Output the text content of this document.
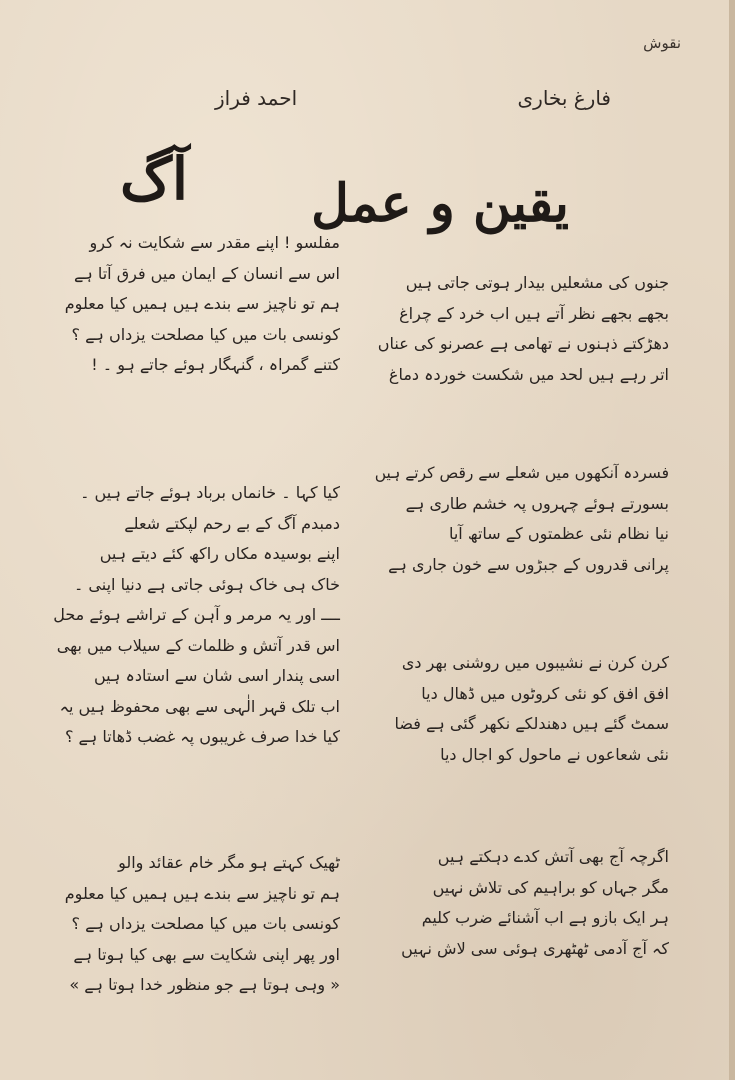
نقوش
فارغ بخاری
یقین و عمل
جنوں کی مشعلیں بیدار ہوتی جاتی ہیں
بجھے بجھے نظر آتے ہیں اب خرد کے چراغ
دھڑکتے ذہنوں نے تھامی ہے عصرنو کی عناں
اتر رہے ہیں لحد میں شکست خوردہ دماغ
فسردہ آنکھوں میں شعلے سے رقص کرتے ہیں
بسورتے ہوئے چہروں پہ خشم طاری ہے
نیا نظام نئی عظمتوں کے ساتھ آیا
پرانی قدروں کے جبڑوں سے خون جاری ہے
کرن کرن نے نشیبوں میں روشنی بھر دی
افق افق کو نئی کروٹوں میں ڈھال دیا
سمٹ گئے ہیں دھندلکے نکھر گئی ہے فضا
نئی شعاعوں نے ماحول کو اجال دیا
اگرچہ آج بھی آتش کدے دہکتے ہیں
مگر جہاں کو براہیم کی تلاش نہیں
ہر ایک بازو ہے اب آشنائے ضرب کلیم
کہ آج آدمی ٹھٹھری ہوئی سی لاش نہیں
احمد فراز
آگ
مفلسو ! اپنے مقدر سے شکایت نہ کرو
اس سے انسان کے ایمان میں فرق آتا ہے
ہم تو ناچیز سے بندے ہیں ہمیں کیا معلوم
کونسی بات میں کیا مصلحت یزداں ہے ؟
کتنے گمراہ ، گنہگار ہوئے جاتے ہو ۔ !
کیا کہا ۔ خانماں برباد ہوئے جاتے ہیں ۔
دمبدم آگ کے بے رحم لپکتے شعلے
اپنے بوسیدہ مکاں راکھ کئے دیتے ہیں
خاک ہی خاک ہوئی جاتی ہے دنیا اپنی ۔
ــــ اور یہ مرمر و آہن کے تراشے ہوئے محل
اس قدر آتش و ظلمات کے سیلاب میں بھی
اسی پندار اسی شان سے استادہ ہیں
اب تلک قہر الٰہی سے بھی محفوظ ہیں یہ
کیا خدا صرف غریبوں پہ غضب ڈھاتا ہے ؟
ٹھیک کہتے ہو مگر خام عقائد والو
ہم تو ناچیز سے بندے ہیں ہمیں کیا معلوم
کونسی بات میں کیا مصلحت یزداں ہے ؟
اور پھر اپنی شکایت سے بھی کیا ہوتا ہے
« وہی ہوتا ہے جو منظور خدا ہوتا ہے »
